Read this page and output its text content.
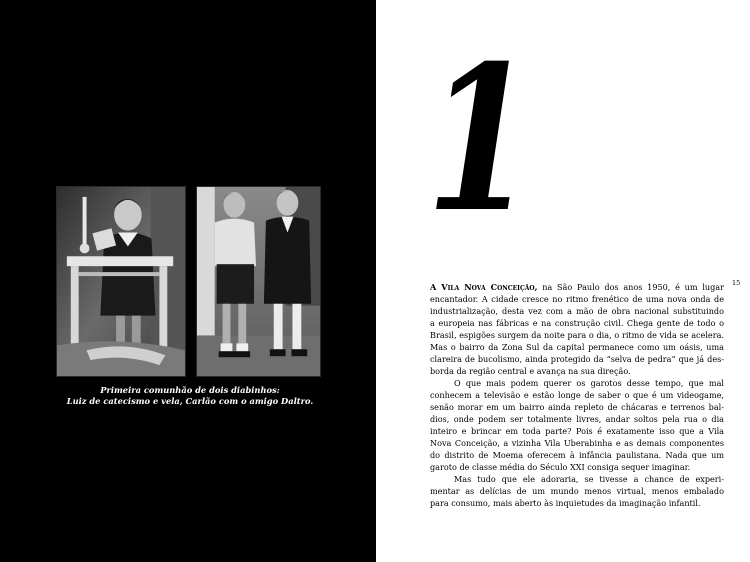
Primeira comunhão de dois diabinhos:
Luiz de catecismo e vela, Carlão com o amigo Daltro.
1
15

A Vila Nova Conceição, na São Paulo dos anos 1950, é um lugar
encantador. A cidade cresce no ritmo frenético de uma nova onda de
industrialização, desta vez com a mão de obra nacional substituindo
a europeia nas fábricas e na construção civil. Chega gente de todo o
Brasil, espigões surgem da noite para o dia, o ritmo de vida se acelera.
Mas o bairro da Zona Sul da capital permanece como um oásis, uma
clareira de bucolismo, ainda protegido da “selva de pedra” que já des-
borda da região central e avança na sua direção.

O que mais podem querer os garotos desse tempo, que mal
conhecem a televisão e estão longe de saber o que é um videogame,
senão morar em um bairro ainda repleto de chácaras e terrenos bal-
dios, onde podem ser totalmente livres, andar soltos pela rua o dia
inteiro e brincar em toda parte? Pois é exatamente isso que a Vila
Nova Conceição, a vizinha Vila Uberabinha e as demais componentes
do distrito de Moema oferecem à infância paulistana. Nada que um
garoto de classe média do Século XXI consiga sequer imaginar.

Mas tudo que ele adoraria, se tivesse a chance de experi-
mentar as delícias de um mundo menos virtual, menos embalado
para consumo, mais aberto às inquietudes da imaginação infantil.
